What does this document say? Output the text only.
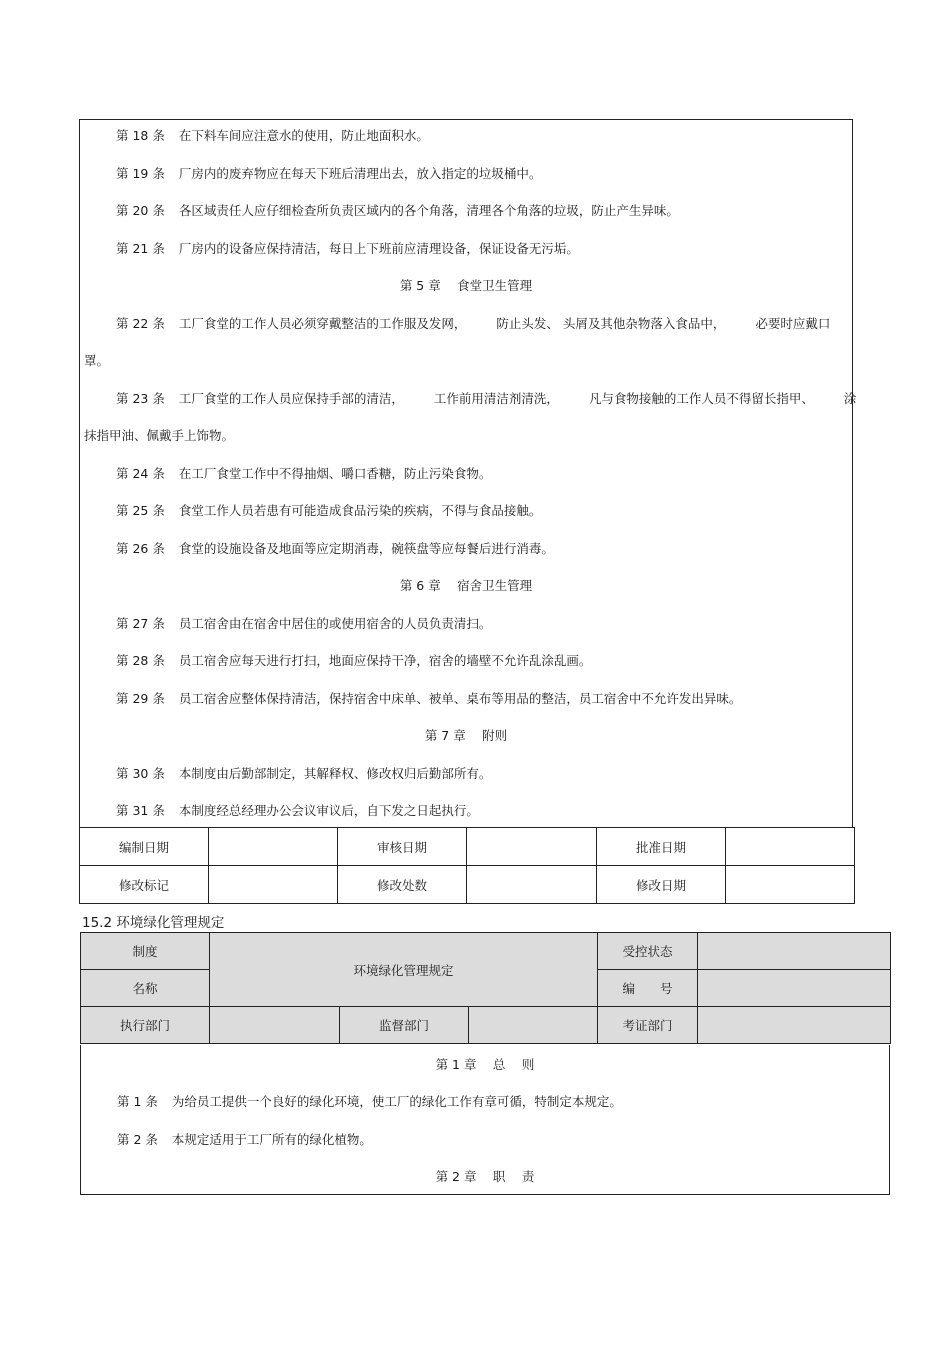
第 18 条 在下料车间应注意水的使用，防止地面积水。
第 19 条 厂房内的废弃物应在每天下班后清理出去，放入指定的垃圾桶中。
第 20 条 各区域责任人应仔细检查所负责区域内的各个角落，清理各个角落的垃圾，防止产生异味。
第 21 条 厂房内的设备应保持清洁，每日上下班前应清理设备，保证设备无污垢。
第 5 章　 食堂卫生管理
第 22 条 工厂食堂的工作人员必须穿戴整洁的工作服及发网， 防止头发、 头屑及其他杂物落入食品中， 必要时应戴口
罩。
第 23 条 工厂食堂的工作人员应保持手部的清洁， 工作前用清洁剂清洗， 凡与食物接触的工作人员不得留长指甲、 涂
抹指甲油、佩戴手上饰物。
第 24 条 在工厂食堂工作中不得抽烟、嚼口香糖，防止污染食物。
第 25 条 食堂工作人员若患有可能造成食品污染的疾病，不得与食品接触。
第 26 条 食堂的设施设备及地面等应定期消毒，碗筷盘等应每餐后进行消毒。
第 6 章　 宿舍卫生管理
第 27 条 员工宿舍由在宿舍中居住的或使用宿舍的人员负责清扫。
第 28 条 员工宿舍应每天进行打扫，地面应保持干净，宿舍的墙壁不允许乱涂乱画。
第 29 条 员工宿舍应整体保持清洁，保持宿舍中床单、被单、桌布等用品的整洁，员工宿舍中不允许发出异味。
第 7 章　 附则
第 30 条 本制度由后勤部制定，其解释权、修改权归后勤部所有。
第 31 条 本制度经总经理办公会议审议后，自下发之日起执行。
编制日期		审核日期		批准日期	
修改标记		修改处数		修改日期	
15.2 环境绿化管理规定
制度	环境绿化管理规定			受控状态	
名称				编　　号	
执行部门		监督部门		考证部门	
第 1 章　 总　 则
第 1 条 为给员工提供一个良好的绿化环境，使工厂的绿化工作有章可循，特制定本规定。
第 2 条 本规定适用于工厂所有的绿化植物。
第 2 章　 职　 责
